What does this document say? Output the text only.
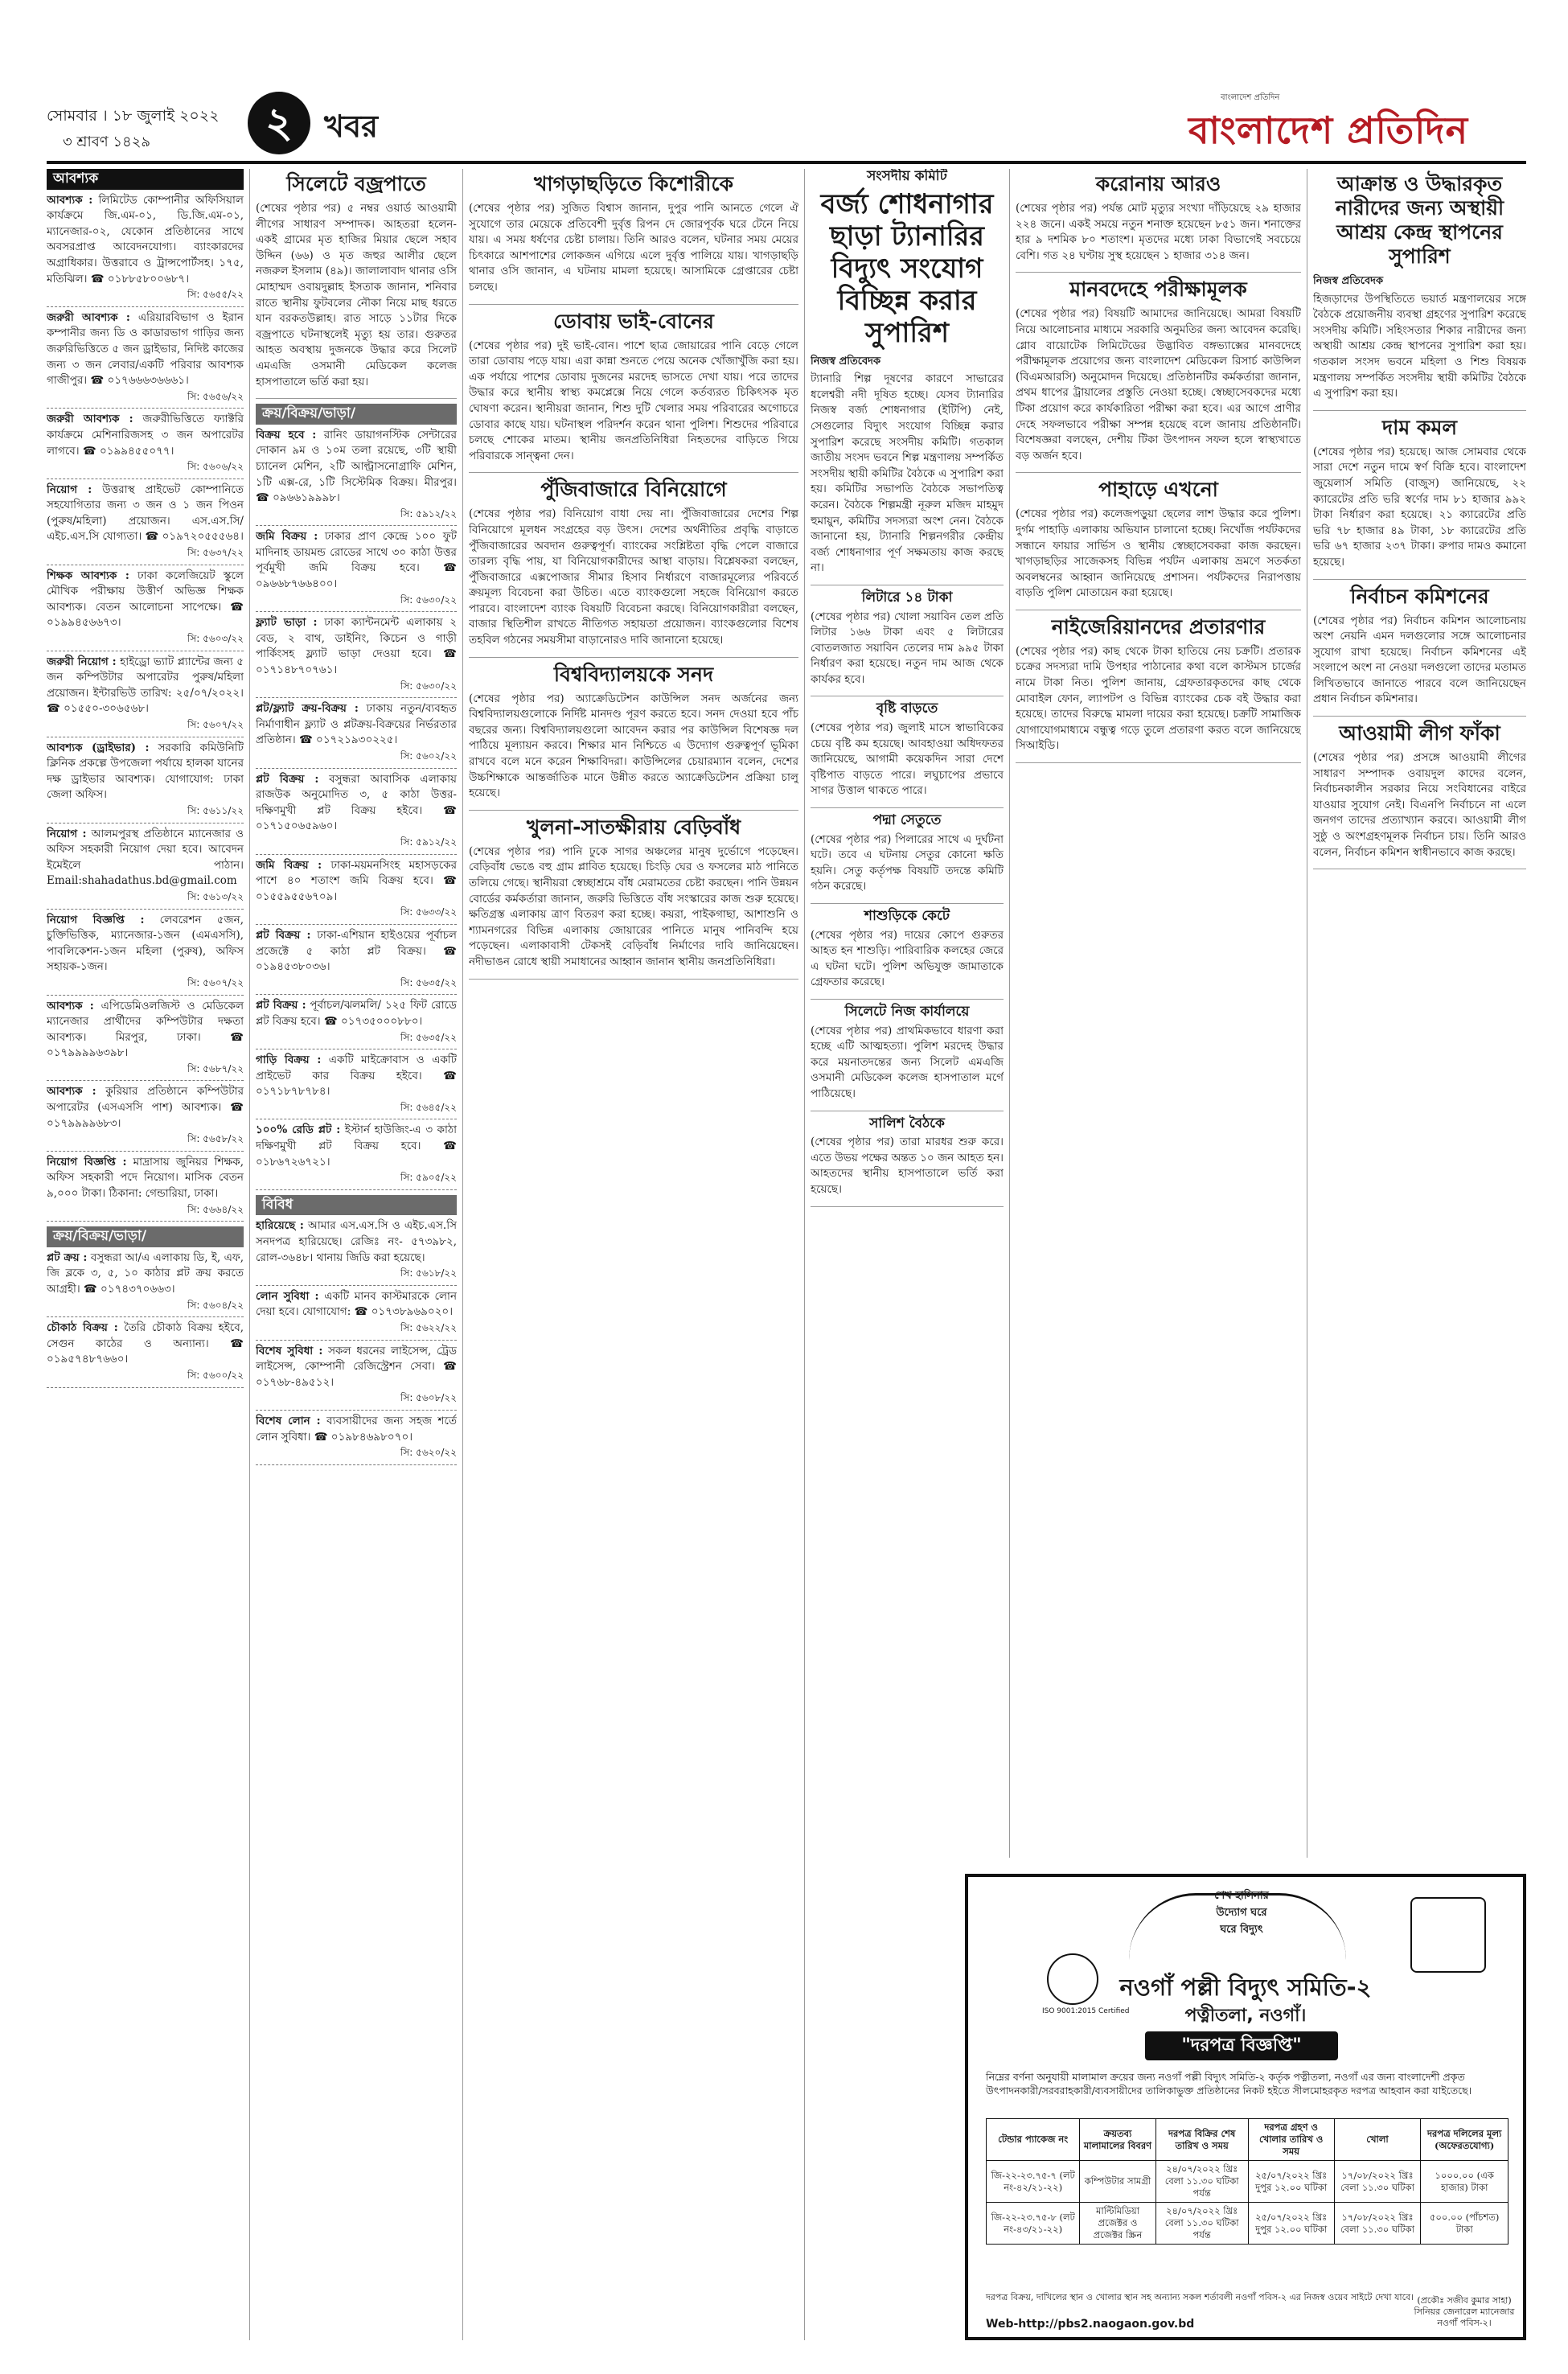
সোমবার । ১৮ জুলাই ২০২২
৩ শ্রাবণ ১৪২৯	২	খবর
বাংলাদেশ প্রতিদিন
বাংলাদেশ প্রতিদিন
আবশ্যক
আবশ্যক : লিমিটেড কোম্পানীর অফিসিয়াল কার্যক্রমে জি.এম-০১, ডি.জি.এম-০১, ম্যানেজার-০২, যেকোন প্রতিষ্ঠানের সাথে অবসরপ্রাপ্ত আবেদনযোগ্য। ব্যাংকারদের অগ্রাধিকার। উত্তরাবে ও ট্রান্সপোর্টসহ। ১৭৫, মতিঝিল। ☎ ০১৮৮৫৮০০৬৮৭।
সি: ৫৬৫৫/২২
জরুরী আবশ্যক : এরিয়ারবিভাগ ও ইরান কম্পানীর জন্য ডি ও কাডারভাগ গাড়ির জন্য জরুরিভিত্তিতে ৫ জন ড্রাইভার, নিদিষ্ট কাজের জন্য ৩ জন লেবার/একটি পরিবার আবশ্যক গাজীপুর। ☎ ০১৭৬৬৬৩৬৬৬১।
সি: ৫৬৫৬/২২
জরুরী আবশ্যক : জরুরীভিত্তিতে ফ্যাক্টরি কার্যক্রমে মেশিনারিজসহ ৩ জন অপারেটর লাগবে। ☎ ০১৯৯৪৫৫০৭৭।
সি: ৫৬০৬/২২
নিয়োগ : উত্তরাস্থ প্রাইভেট কোম্পানিতে সহযোগিতার জন্য ৩ জন ও ১ জন পিওন (পুরুষ/মহিলা) প্রয়োজন। এস.এস.সি/এইচ.এস.সি যোগ্যতা। ☎ ০১৯৭২০৫৫৫৬৪।
সি: ৫৬৩৭/২২
শিক্ষক আবশ্যক : ঢাকা কলেজিয়েট স্কুলে মৌখিক পরীক্ষায় উত্তীর্ণ অভিজ্ঞ শিক্ষক আবশ্যক। বেতন আলোচনা সাপেক্ষে। ☎ ০১৯৯৪৫৬৬৭৩।
সি: ৫৬০৩/২২
জরুরী নিয়োগ : হাইড্রো ভ্যাট প্ল্যান্টের জন্য ৫ জন কম্পিউটার অপারেটর পুরুষ/মহিলা প্রয়োজন। ইন্টারভিউ তারিখ: ২৫/০৭/২০২২। ☎ ০১৫৫০-৩০৬৫৬৮।
সি: ৫৬০৭/২২
আবশ্যক (ড্রাইভার) : সরকারি কমিউনিটি ক্লিনিক প্রকল্পে উপজেলা পর্যায়ে হালকা যানের দক্ষ ড্রাইভার আবশ্যক। যোগাযোগ: ঢাকা জেলা অফিস।
সি: ৫৬১১/২২
নিয়োগ : আলমপুরস্থ প্রতিষ্ঠানে ম্যানেজার ও অফিস সহকারী নিয়োগ দেয়া হবে। আবেদন ইমেইলে পাঠান। Email:shahadathus.bd@gmail.com
সি: ৫৬১৩/২২
নিয়োগ বিজ্ঞপ্তি : লেবরেশন ৫জন, চুক্তিভিত্তিক, ম্যানেজার-১জন (এমএসসি), পাবলিকেশন-১জন মহিলা (পুরুষ), অফিস সহায়ক-১জন।
সি: ৫৬০৭/২২
আবশ্যক : এপিডেমিওলজিস্ট ও মেডিকেল ম্যানেজার প্রার্থীদের কম্পিউটার দক্ষতা আবশ্যক। মিরপুর, ঢাকা। ☎ ০১৭৯৯৯৯৬৩৯৮।
সি: ৫৬৮৭/২২
আবশ্যক : কুরিয়ার প্রতিষ্ঠানে কম্পিউটার অপারেটর (এসএসসি পাশ) আবশ্যক। ☎ ০১৭৯৯৯৯৬৮৩।
সি: ৫৬৫৮/২২
নিয়োগ বিজ্ঞপ্তি : মাদ্রাসায় জুনিয়র শিক্ষক, অফিস সহকারী পদে নিয়োগ। মাসিক বেতন ৯,০০০ টাকা। ঠিকানা: গেন্ডারিয়া, ঢাকা।
সি: ৫৬৬৪/২২
ক্রয়/বিক্রয়/ভাড়া/
প্লট ক্রয় : বসুন্ধরা আ/এ এলাকায় ডি, ই, এফ, জি ব্লকে ৩, ৫, ১০ কাঠার প্লট ক্রয় করতে আগ্রহী। ☎ ০১৭৪৩৭০৬৬৩।
সি: ৫৬০৪/২২
চৌকাঠ বিক্রয় : তৈরি চৌকাঠ বিক্রয় হইবে, সেগুন কাঠের ও অন্যান্য। ☎ ০১৯৫৭৪৮৭৬৬০।
সি: ৫৬০০/২২
সিলেটে বজ্রপাতে

(শেষের পৃষ্ঠার পর) ৫ নম্বর ওয়ার্ড আওয়ামী লীগের সাধারণ সম্পাদক। আহতরা হলেন- একই গ্রামের মৃত হাজির মিয়ার ছেলে সহাব উদ্দিন (৬৬) ও মৃত জহুর আলীর ছেলে নজরুল ইসলাম (৪৯)। জালালাবাদ থানার ওসি মোহাম্মদ ওবায়দুল্লাহ ইসতাক জানান, শনিবার রাতে স্থানীয় ফুটবলের নৌকা নিয়ে মাছ ধরতে যান বরকতউল্লাহ। রাত সাড়ে ১১টার দিকে বজ্রপাতে ঘটনাস্থলেই মৃত্যু হয় তার। গুরুতর আহত অবস্থায় দুজনকে উদ্ধার করে সিলেট এমএজি ওসমানী মেডিকেল কলেজ হাসপাতালে ভর্তি করা হয়।

ক্রয়/বিক্রয়/ভাড়া/
বিক্রয় হবে : রানিং ডায়াগনস্টিক সেন্টারের দোকান ৯ম ও ১০ম তলা রয়েছে, ৩টি স্থায়ী চ্যানেল মেশিন, ২টি আল্ট্রাসনোগ্রাফি মেশিন, ১টি এক্স-রে, ১টি সিস্টেমিক বিক্রয়। মীরপুর। ☎ ০৯৬৬১৯৯৯৮।
সি: ৫৯১২/২২
জমি বিক্রয় : ঢাকার প্রাণ কেন্দ্রে ১০০ ফুট মাদিনাহ ডায়মন্ড রোডের সাথে ৩০ কাঠা উত্তর পূর্বমুখী জমি বিক্রয় হবে। ☎ ০৯৬৬৮৭৬৬৪০০।
সি: ৫৬৩০/২২
ফ্ল্যাট ভাড়া : ঢাকা ক্যান্টনমেন্ট এলাকায় ২ বেড, ২ বাথ, ডাইনিং, কিচেন ও গাড়ী পার্কিংসহ ফ্ল্যাট ভাড়া দেওয়া হবে। ☎ ০১৭১৪৮৭০৭৬১।
সি: ৫৬৩০/২২
প্লট/ফ্ল্যাট ক্রয়-বিক্রয় : ঢাকায় নতুন/ব্যবহৃত নির্মাণাধীন ফ্ল্যাট ও প্লটক্রয়-বিক্রয়ের নির্ভরতার প্রতিষ্ঠান। ☎ ০১৭২১৯৩০২২৫।
সি: ৫৬০২/২২
প্লট বিক্রয় : বসুন্ধরা আবাসিক এলাকায় রাজউক অনুমোদিত ৩, ৫ কাঠা উত্তর-দক্ষিণমুখী প্লট বিক্রয় হইবে। ☎ ০১৭১৫০৬৫৯৬০।
সি: ৫৯১২/২২
জমি বিক্রয় : ঢাকা-ময়মনসিংহ মহাসড়কের পাশে ৪০ শতাংশ জমি বিক্রয় হবে। ☎ ০১৫৫৯৫৫৬৭০৯।
সি: ৫৬৩৩/২২
প্লট বিক্রয় : ঢাকা-এশিয়ান হাইওয়ের পূর্বাচল প্রজেক্টে ৫ কাঠা প্লট বিক্রয়। ☎ ০১৯৪৫৩৮০৩৬।
সি: ৫৬৩৫/২২
প্লট বিক্রয় : পূর্বাচল/ঝলমলি/ ১২৫ ফিট রোডে প্লট বিক্রয় হবে। ☎ ০১৭৩৫০০০৮৮০।
সি: ৫৬৩৫/২২
গাড়ি বিক্রয় : একটি মাইক্রোবাস ও একটি প্রাইভেট কার বিক্রয় হইবে। ☎ ০১৭১৮৭৮৭৮৪।
সি: ৫৬৪৫/২২
১০০% রেডি প্লট : ইস্টার্ন হাউজিং-এ ৩ কাঠা দক্ষিণমুখী প্লট বিক্রয় হবে। ☎ ০১৮৬৭২৬৭২১।
সি: ৫৯০৫/২২
বিবিধ
হারিয়েছে : আমার এস.এস.সি ও এইচ.এস.সি সনদপত্র হারিয়েছে। রেজিঃ নং- ৫৭৩৯৮২, রোল-৩৬৪৮। থানায় জিডি করা হয়েছে।
সি: ৫৬১৮/২২
লোন সুবিধা : একটি মানব কাস্টমারকে লোন দেয়া হবে। যোগাযোগ: ☎ ০১৭৩৮৯৬৯০২০।
সি: ৫৬২২/২২
বিশেষ সুবিধা : সকল ধরনের লাইসেন্স, ট্রেড লাইসেন্স, কোম্পানী রেজিস্ট্রেশন সেবা। ☎ ০১৭৬৮-৪৯৫১২।
সি: ৫৬০৮/২২
বিশেষ লোন : ব্যবসায়ীদের জন্য সহজ শর্তে লোন সুবিধা। ☎ ০১৯৮৪৬৯৮০৭০।
সি: ৫৬২০/২২
খাগড়াছড়িতে কিশোরীকে

(শেষের পৃষ্ঠার পর) সুজিত বিশ্বাস জানান, দুপুর পানি আনতে গেলে ঐ সুযোগে তার মেয়েকে প্রতিবেশী দুর্বৃত্ত রিপন দে জোরপূর্বক ঘরে টেনে নিয়ে যায়। এ সময় ধর্ষণের চেষ্টা চালায়। তিনি আরও বলেন, ঘটনার সময় মেয়ের চিৎকারে আশপাশের লোকজন এগিয়ে এলে দুর্বৃত্ত পালিয়ে যায়। খাগড়াছড়ি থানার ওসি জানান, এ ঘটনায় মামলা হয়েছে। আসামিকে গ্রেপ্তারের চেষ্টা চলছে।

ডোবায় ভাই-বোনের

(শেষের পৃষ্ঠার পর) দুই ভাই-বোন। পাশে ছাত্র জোয়ারের পানি বেড়ে গেলে তারা ডোবায় পড়ে যায়। এরা কান্না শুনতে পেয়ে অনেক খোঁজাখুঁজি করা হয়। এক পর্যায়ে পাশের ডোবায় দুজনের মরদেহ ভাসতে দেখা যায়। পরে তাদের উদ্ধার করে স্থানীয় স্বাস্থ্য কমপ্লেক্সে নিয়ে গেলে কর্তব্যরত চিকিৎসক মৃত ঘোষণা করেন। স্থানীয়রা জানান, শিশু দুটি খেলার সময় পরিবারের অগোচরে ডোবার কাছে যায়। ঘটনাস্থল পরিদর্শন করেন থানা পুলিশ। শিশুদের পরিবারে চলছে শোকের মাতম। স্থানীয় জনপ্রতিনিধিরা নিহতদের বাড়িতে গিয়ে পরিবারকে সান্ত্বনা দেন।

পুঁজিবাজারে বিনিয়োগে

(শেষের পৃষ্ঠার পর) বিনিয়োগ বাধা দেয় না। পুঁজিবাজারের দেশের শিল্প বিনিয়োগে মূলধন সংগ্রহের বড় উৎস। দেশের অর্থনীতির প্রবৃদ্ধি বাড়াতে পুঁজিবাজারের অবদান গুরুত্বপূর্ণ। ব্যাংকের সংশ্লিষ্টতা বৃদ্ধি পেলে বাজারে তারল্য বৃদ্ধি পায়, যা বিনিয়োগকারীদের আস্থা বাড়ায়। বিশ্লেষকরা বলছেন, পুঁজিবাজারে এক্সপোজার সীমার হিসাব নির্ধারণে বাজারমূল্যের পরিবর্তে ক্রয়মূল্য বিবেচনা করা উচিত। এতে ব্যাংকগুলো সহজে বিনিয়োগ করতে পারবে। বাংলাদেশ ব্যাংক বিষয়টি বিবেচনা করছে। বিনিয়োগকারীরা বলছেন, বাজার স্থিতিশীল রাখতে নীতিগত সহায়তা প্রয়োজন। ব্যাংকগুলোর বিশেষ তহবিল গঠনের সময়সীমা বাড়ানোরও দাবি জানানো হয়েছে।

বিশ্ববিদ্যালয়কে সনদ

(শেষের পৃষ্ঠার পর) অ্যাক্রেডিটেশন কাউন্সিল সনদ অর্জনের জন্য বিশ্ববিদ্যালয়গুলোকে নির্দিষ্ট মানদণ্ড পূরণ করতে হবে। সনদ দেওয়া হবে পাঁচ বছরের জন্য। বিশ্ববিদ্যালয়গুলো আবেদন করার পর কাউন্সিল বিশেষজ্ঞ দল পাঠিয়ে মূল্যায়ন করবে। শিক্ষার মান নিশ্চিতে এ উদ্যোগ গুরুত্বপূর্ণ ভূমিকা রাখবে বলে মনে করেন শিক্ষাবিদরা। কাউন্সিলের চেয়ারম্যান বলেন, দেশের উচ্চশিক্ষাকে আন্তর্জাতিক মানে উন্নীত করতে অ্যাক্রেডিটেশন প্রক্রিয়া চালু হয়েছে।

খুলনা-সাতক্ষীরায় বেড়িবাঁধ

(শেষের পৃষ্ঠার পর) পানি ঢুকে সাগর অঞ্চলের মানুষ দুর্ভোগে পড়েছেন। বেড়িবাঁধ ভেঙে বহু গ্রাম প্লাবিত হয়েছে। চিংড়ি ঘের ও ফসলের মাঠ পানিতে তলিয়ে গেছে। স্থানীয়রা স্বেচ্ছাশ্রমে বাঁধ মেরামতের চেষ্টা করছেন। পানি উন্নয়ন বোর্ডের কর্মকর্তারা জানান, জরুরি ভিত্তিতে বাঁধ সংস্কারের কাজ শুরু হয়েছে। ক্ষতিগ্রস্ত এলাকায় ত্রাণ বিতরণ করা হচ্ছে। কয়রা, পাইকগাছা, আশাশুনি ও শ্যামনগরের বিভিন্ন এলাকায় জোয়ারের পানিতে মানুষ পানিবন্দি হয়ে পড়েছেন। এলাকাবাসী টেকসই বেড়িবাঁধ নির্মাণের দাবি জানিয়েছেন। নদীভাঙন রোধে স্থায়ী সমাধানের আহ্বান জানান স্থানীয় জনপ্রতিনিধিরা।

সংসদীয় কমিটি
বর্জ্য শোধনাগার ছাড়া ট্যানারির বিদ্যুৎ সংযোগ বিচ্ছিন্ন করার সুপারিশ
নিজস্ব প্রতিবেদক

ট্যানারি শিল্প দূষণের কারণে সাভারের ধলেশ্বরী নদী দূষিত হচ্ছে। যেসব ট্যানারির নিজস্ব বর্জ্য শোধনাগার (ইটিপি) নেই, সেগুলোর বিদ্যুৎ সংযোগ বিচ্ছিন্ন করার সুপারিশ করেছে সংসদীয় কমিটি। গতকাল জাতীয় সংসদ ভবনে শিল্প মন্ত্রণালয় সম্পর্কিত সংসদীয় স্থায়ী কমিটির বৈঠকে এ সুপারিশ করা হয়। কমিটির সভাপতি বৈঠকে সভাপতিত্ব করেন। বৈঠকে শিল্পমন্ত্রী নূরুল মজিদ মাহমুদ হুমায়ুন, কমিটির সদস্যরা অংশ নেন। বৈঠকে জানানো হয়, ট্যানারি শিল্পনগরীর কেন্দ্রীয় বর্জ্য শোধনাগার পূর্ণ সক্ষমতায় কাজ করছে না।

লিটারে ১৪ টাকা

(শেষের পৃষ্ঠার পর) খোলা সয়াবিন তেল প্রতি লিটার ১৬৬ টাকা এবং ৫ লিটারের বোতলজাত সয়াবিন তেলের দাম ৯৯৫ টাকা নির্ধারণ করা হয়েছে। নতুন দাম আজ থেকে কার্যকর হবে।

বৃষ্টি বাড়তে

(শেষের পৃষ্ঠার পর) জুলাই মাসে স্বাভাবিকের চেয়ে বৃষ্টি কম হয়েছে। আবহাওয়া অধিদফতর জানিয়েছে, আগামী কয়েকদিন সারা দেশে বৃষ্টিপাত বাড়তে পারে। লঘুচাপের প্রভাবে সাগর উত্তাল থাকতে পারে।

পদ্মা সেতুতে

(শেষের পৃষ্ঠার পর) পিলারের সাথে এ দুর্ঘটনা ঘটে। তবে এ ঘটনায় সেতুর কোনো ক্ষতি হয়নি। সেতু কর্তৃপক্ষ বিষয়টি তদন্তে কমিটি গঠন করেছে।

শাশুড়িকে কেটে

(শেষের পৃষ্ঠার পর) দায়ের কোপে গুরুতর আহত হন শাশুড়ি। পারিবারিক কলহের জেরে এ ঘটনা ঘটে। পুলিশ অভিযুক্ত জামাতাকে গ্রেফতার করেছে।

সিলেটে নিজ কার্যালয়ে

(শেষের পৃষ্ঠার পর) প্রাথমিকভাবে ধারণা করা হচ্ছে এটি আত্মহত্যা। পুলিশ মরদেহ উদ্ধার করে ময়নাতদন্তের জন্য সিলেট এমএজি ওসমানী মেডিকেল কলেজ হাসপাতাল মর্গে পাঠিয়েছে।

সালিশ বৈঠকে

(শেষের পৃষ্ঠার পর) তারা মারধর শুরু করে। এতে উভয় পক্ষের অন্তত ১০ জন আহত হন। আহতদের স্থানীয় হাসপাতালে ভর্তি করা হয়েছে।

করোনায় আরও

(শেষের পৃষ্ঠার পর) পর্যন্ত মোট মৃত্যুর সংখ্যা দাঁড়িয়েছে ২৯ হাজার ২২৪ জনে। একই সময়ে নতুন শনাক্ত হয়েছেন ৮৫১ জন। শনাক্তের হার ৯ দশমিক ৮০ শতাংশ। মৃতদের মধ্যে ঢাকা বিভাগেই সবচেয়ে বেশি। গত ২৪ ঘণ্টায় সুস্থ হয়েছেন ১ হাজার ৩১৪ জন।

মানবদেহে পরীক্ষামূলক

(শেষের পৃষ্ঠার পর) বিষয়টি আমাদের জানিয়েছে। আমরা বিষয়টি নিয়ে আলোচনার মাধ্যমে সরকারি অনুমতির জন্য আবেদন করেছি। গ্লোব বায়োটেক লিমিটেডের উদ্ভাবিত বঙ্গভ্যাক্সের মানবদেহে পরীক্ষামূলক প্রয়োগের জন্য বাংলাদেশ মেডিকেল রিসার্চ কাউন্সিল (বিএমআরসি) অনুমোদন দিয়েছে। প্রতিষ্ঠানটির কর্মকর্তারা জানান, প্রথম ধাপের ট্রায়ালের প্রস্তুতি নেওয়া হচ্ছে। স্বেচ্ছাসেবকদের মধ্যে টিকা প্রয়োগ করে কার্যকারিতা পরীক্ষা করা হবে। এর আগে প্রাণীর দেহে সফলভাবে পরীক্ষা সম্পন্ন হয়েছে বলে জানায় প্রতিষ্ঠানটি। বিশেষজ্ঞরা বলছেন, দেশীয় টিকা উৎপাদন সফল হলে স্বাস্থ্যখাতে বড় অর্জন হবে।

পাহাড়ে এখনো

(শেষের পৃষ্ঠার পর) কলেজপড়ুয়া ছেলের লাশ উদ্ধার করে পুলিশ। দুর্গম পাহাড়ি এলাকায় অভিযান চালানো হচ্ছে। নিখোঁজ পর্যটকদের সন্ধানে ফায়ার সার্ভিস ও স্থানীয় স্বেচ্ছাসেবকরা কাজ করছেন। খাগড়াছড়ির সাজেকসহ বিভিন্ন পর্যটন এলাকায় ভ্রমণে সতর্কতা অবলম্বনের আহ্বান জানিয়েছে প্রশাসন। পর্যটকদের নিরাপত্তায় বাড়তি পুলিশ মোতায়েন করা হয়েছে।

নাইজেরিয়ানদের প্রতারণার

(শেষের পৃষ্ঠার পর) কাছ থেকে টাকা হাতিয়ে নেয় চক্রটি। প্রতারক চক্রের সদস্যরা দামি উপহার পাঠানোর কথা বলে কাস্টমস চার্জের নামে টাকা নিত। পুলিশ জানায়, গ্রেফতারকৃতদের কাছ থেকে মোবাইল ফোন, ল্যাপটপ ও বিভিন্ন ব্যাংকের চেক বই উদ্ধার করা হয়েছে। তাদের বিরুদ্ধে মামলা দায়ের করা হয়েছে। চক্রটি সামাজিক যোগাযোগমাধ্যমে বন্ধুত্ব গড়ে তুলে প্রতারণা করত বলে জানিয়েছে সিআইডি।

আক্রান্ত ও উদ্ধারকৃত নারীদের জন্য অস্থায়ী আশ্রয় কেন্দ্র স্থাপনের সুপারিশ
নিজস্ব প্রতিবেদক

হিজড়াদের উপস্থিতিতে ভয়ার্ত মন্ত্রণালয়ের সঙ্গে বৈঠকে প্রয়োজনীয় ব্যবস্থা গ্রহণের সুপারিশ করেছে সংসদীয় কমিটি। সহিংসতার শিকার নারীদের জন্য অস্থায়ী আশ্রয় কেন্দ্র স্থাপনের সুপারিশ করা হয়। গতকাল সংসদ ভবনে মহিলা ও শিশু বিষয়ক মন্ত্রণালয় সম্পর্কিত সংসদীয় স্থায়ী কমিটির বৈঠকে এ সুপারিশ করা হয়।

দাম কমল

(শেষের পৃষ্ঠার পর) হয়েছে। আজ সোমবার থেকে সারা দেশে নতুন দামে স্বর্ণ বিক্রি হবে। বাংলাদেশ জুয়েলার্স সমিতি (বাজুস) জানিয়েছে, ২২ ক্যারেটের প্রতি ভরি স্বর্ণের দাম ৮১ হাজার ৯৯২ টাকা নির্ধারণ করা হয়েছে। ২১ ক্যারেটের প্রতি ভরি ৭৮ হাজার ৪৯ টাকা, ১৮ ক্যারেটের প্রতি ভরি ৬৭ হাজার ২৩৭ টাকা। রুপার দামও কমানো হয়েছে।

নির্বাচন কমিশনের

(শেষের পৃষ্ঠার পর) নির্বাচন কমিশন আলোচনায় অংশ নেয়নি এমন দলগুলোর সঙ্গে আলোচনার সুযোগ রাখা হয়েছে। নির্বাচন কমিশনের এই সংলাপে অংশ না নেওয়া দলগুলো তাদের মতামত লিখিতভাবে জানাতে পারবে বলে জানিয়েছেন প্রধান নির্বাচন কমিশনার।

আওয়ামী লীগ ফাঁকা

(শেষের পৃষ্ঠার পর) প্রসঙ্গে আওয়ামী লীগের সাধারণ সম্পাদক ওবায়দুল কাদের বলেন, নির্বাচনকালীন সরকার নিয়ে সংবিধানের বাইরে যাওয়ার সুযোগ নেই। বিএনপি নির্বাচনে না এলে জনগণ তাদের প্রত্যাখ্যান করবে। আওয়ামী লীগ সুষ্ঠু ও অংশগ্রহণমূলক নির্বাচন চায়। তিনি আরও বলেন, নির্বাচন কমিশন স্বাধীনভাবে কাজ করছে।

শেখ হাসিনার উদ্যোগ ঘরে ঘরে বিদ্যুৎ
ISO 9001:2015 Certified
নওগাঁ পল্লী বিদ্যুৎ সমিতি-২
পত্নীতলা, নওগাঁ।
"দরপত্র বিজ্ঞপ্তি"
নিম্নের বর্ণনা অনুযায়ী মালামাল ক্রয়ের জন্য নওগাঁ পল্লী বিদ্যুৎ সমিতি-২ কর্তৃক পত্নীতলা, নওগাঁ এর জন্য বাংলাদেশী প্রকৃত উৎপাদনকারী/সরবরাহকারী/ব্যবসায়ীদের তালিকাভুক্ত প্রতিষ্ঠানের নিকট হইতে সীলমোহরকৃত দরপত্র আহবান করা যাইতেছে।
টেন্ডার প্যাকেজ নং	ক্রয়তব্য মালামালের বিবরণ	দরপত্র বিক্রির শেষ তারিখ ও সময়	দরপত্র গ্রহণ ও খোলার তারিখ ও সময়	খোলা	দরপত্র দলিলের মূল্য (অফেরতযোগ্য)
জি-২২-২৩.৭৫-৭ (লট নং-৪২/২১-২২)	কম্পিউটার সামগ্রী	২৪/০৭/২০২২ খ্রিঃ বেলা ১১.৩০ ঘটিকা পর্যন্ত	২৫/০৭/২০২২ খ্রিঃ দুপুর ১২.০০ ঘটিকা	১৭/০৮/২০২২ খ্রিঃ বেলা ১১.৩০ ঘটিকা	১০০০.০০ (এক হাজার) টাকা
জি-২২-২৩.৭৫-৮ (লট নং-৪৩/২১-২২)	মাল্টিমিডিয়া প্রজেক্টর ও প্রজেক্টর স্ক্রিন	২৪/০৭/২০২২ খ্রিঃ বেলা ১১.৩০ ঘটিকা পর্যন্ত	২৫/০৭/২০২২ খ্রিঃ দুপুর ১২.০০ ঘটিকা	১৭/০৮/২০২২ খ্রিঃ বেলা ১১.৩০ ঘটিকা	৫০০.০০ (পাঁচশত) টাকা
দরপত্র বিক্রয়, দাখিলের স্থান ও খোলার স্থান সহ অন্যান্য সকল শর্তাবলী নওগাঁ পবিস-২ এর নিজস্ব ওয়েব সাইটে দেখা যাবে।
Web-http://pbs2.naogaon.gov.bd
(প্রকৌঃ সজীব কুমার সাহা) সিনিয়র জেনারেল ম্যানেজার নওগাঁ পবিস-২।
